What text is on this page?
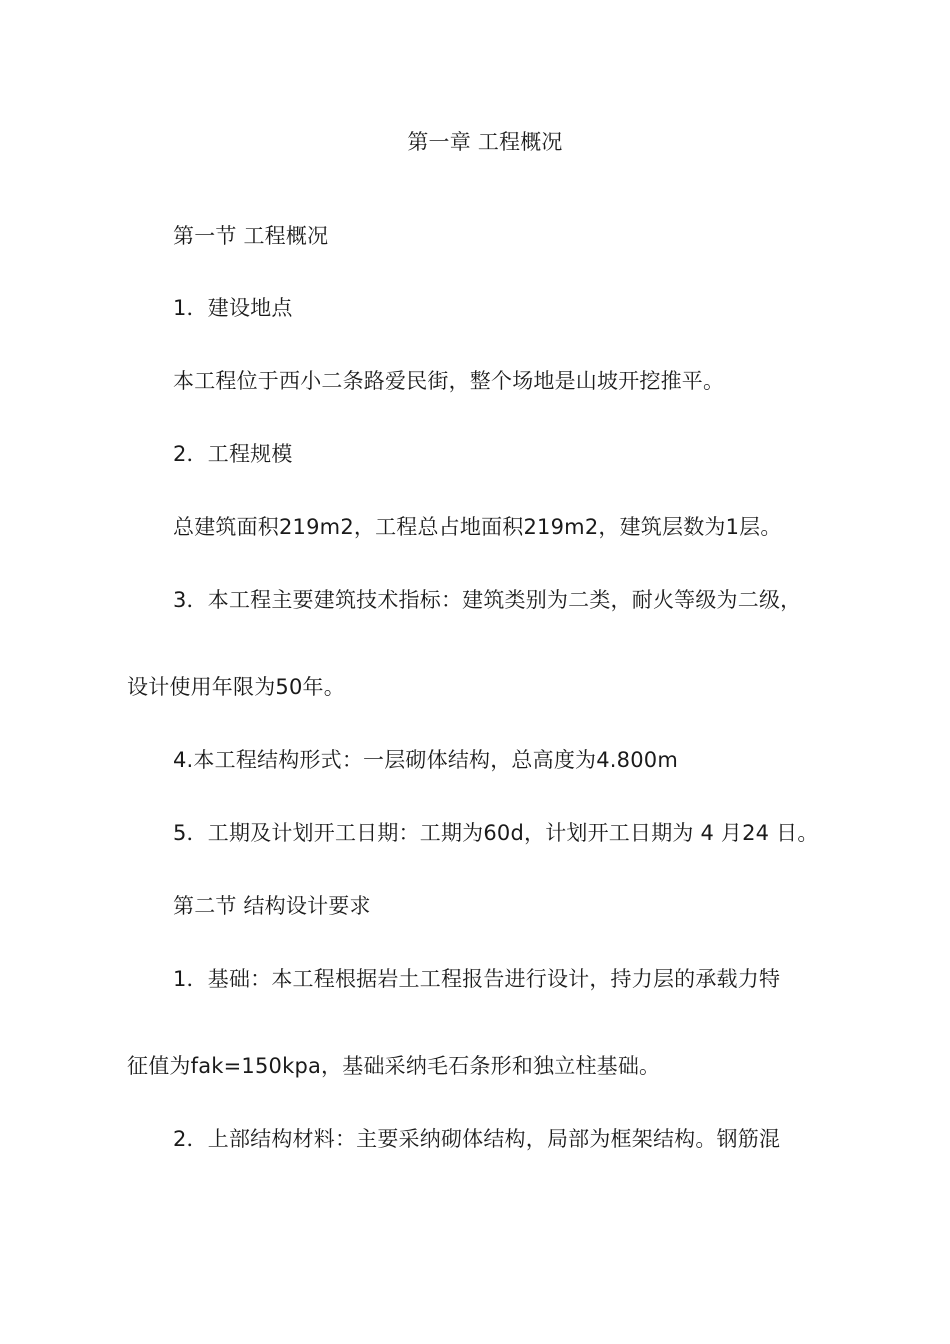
第一章 工程概况
第一节 工程概况
1．建设地点
本工程位于西小二条路爱民街，整个场地是山坡开挖推平。
2．工程规模
总建筑面积219m2，工程总占地面积219m2，建筑层数为1层。
3．本工程主要建筑技术指标：建筑类别为二类，耐火等级为二级，
设计使用年限为50年。
4.本工程结构形式：一层砌体结构，总高度为4.800m
5．工期及计划开工日期：工期为60d，计划开工日期为 4 月24 日。
第二节 结构设计要求
1．基础：本工程根据岩土工程报告进行设计，持力层的承载力特
征值为fak=150kpa，基础采纳毛石条形和独立柱基础。
2．上部结构材料：主要采纳砌体结构，局部为框架结构。钢筋混
